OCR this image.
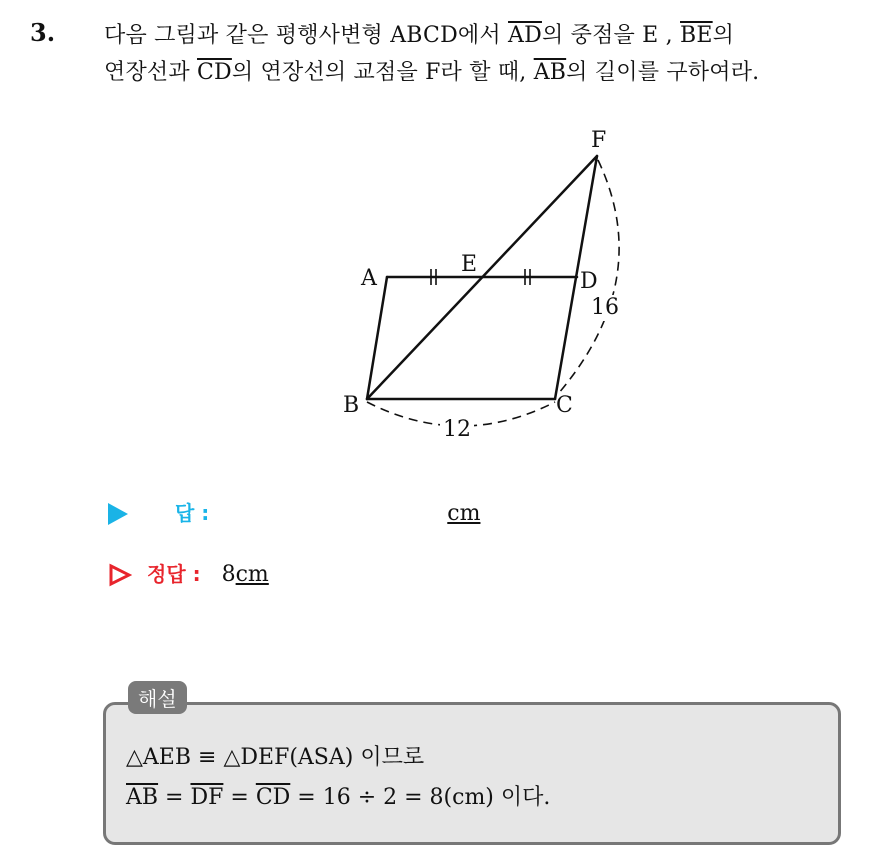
3. 다음 그림과 같은 평행사변형 ABCD에서 $\overline{AD}$의 중점을 E , $\overline{BE}$의
연장선과 $\overline{CD}$의 연장선의 교점을 F라 할 때, $\overline{AB}$의 길이를 구하여라.
12
16
A
E
D
F
B	C
답 :	cm
정답 : 8cm
해설
△AEB ≡ △DEF(ASA) 이므로
$\overline{AB} = \overline{DF} = \overline{CD} = 16 \div 2 = 8(cm)$ 이다.
